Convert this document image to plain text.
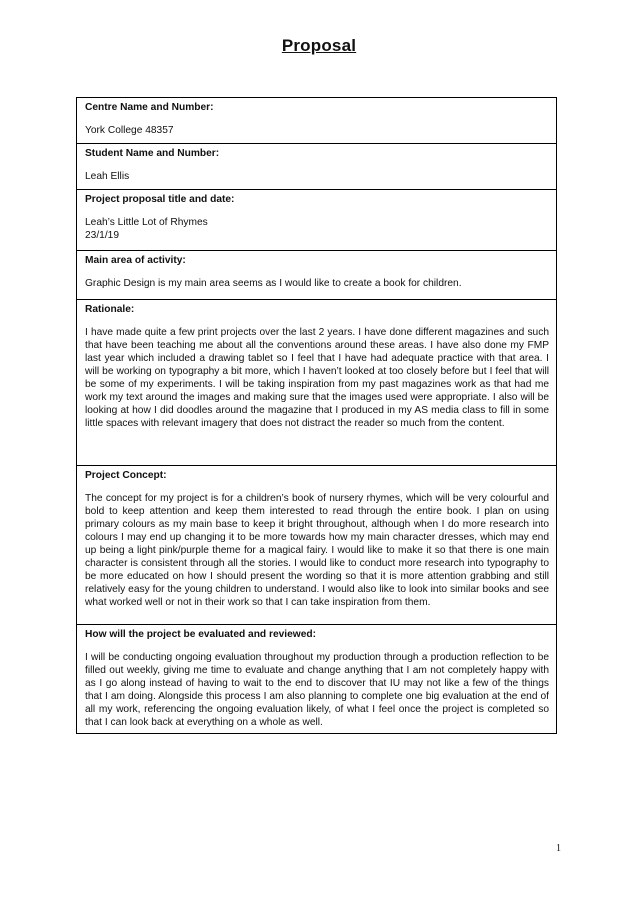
Proposal
Centre Name and Number:
York College 48357

Student Name and Number:
Leah Ellis

Project proposal title and date:
Leah’s Little Lot of Rhymes
23/1/19

Main area of activity:
Graphic Design is my main area seems as I would like to create a book for children.

Rationale:
I have made quite a few print projects over the last 2 years. I have done different magazines and such that have been teaching me about all the conventions around these areas. I have also done my FMP last year which included a drawing tablet so I feel that I have had adequate practice with that area. I will be working on typography a bit more, which I haven’t looked at too closely before but I feel that will be some of my experiments. I will be taking inspiration from my past magazines work as that had me work my text around the images and making sure that the images used were appropriate. I also will be looking at how I did doodles around the magazine that I produced in my AS media class to fill in some little spaces with relevant imagery that does not distract the reader so much from the content.

Project Concept:
The concept for my project is for a children’s book of nursery rhymes, which will be very colourful and bold to keep attention and keep them interested to read through the entire book. I plan on using primary colours as my main base to keep it bright throughout, although when I do more research into colours I may end up changing it to be more towards how my main character dresses, which may end up being a light pink/purple theme for a magical fairy. I would like to make it so that there is one main character is consistent through all the stories. I would like to conduct more research into typography to be more educated on how I should present the wording so that it is more attention grabbing and still relatively easy for the young children to understand. I would also like to look into similar books and see what worked well or not in their work so that I can take inspiration from them.

How will the project be evaluated and reviewed:
I will be conducting ongoing evaluation throughout my production through a production reflection to be filled out weekly, giving me time to evaluate and change anything that I am not completely happy with as I go along instead of having to wait to the end to discover that IU may not like a few of the things that I am doing. Alongside this process I am also planning to complete one big evaluation at the end of all my work, referencing the ongoing evaluation likely, of what I feel once the project is completed so that I can look back at everything on a whole as well.

1
